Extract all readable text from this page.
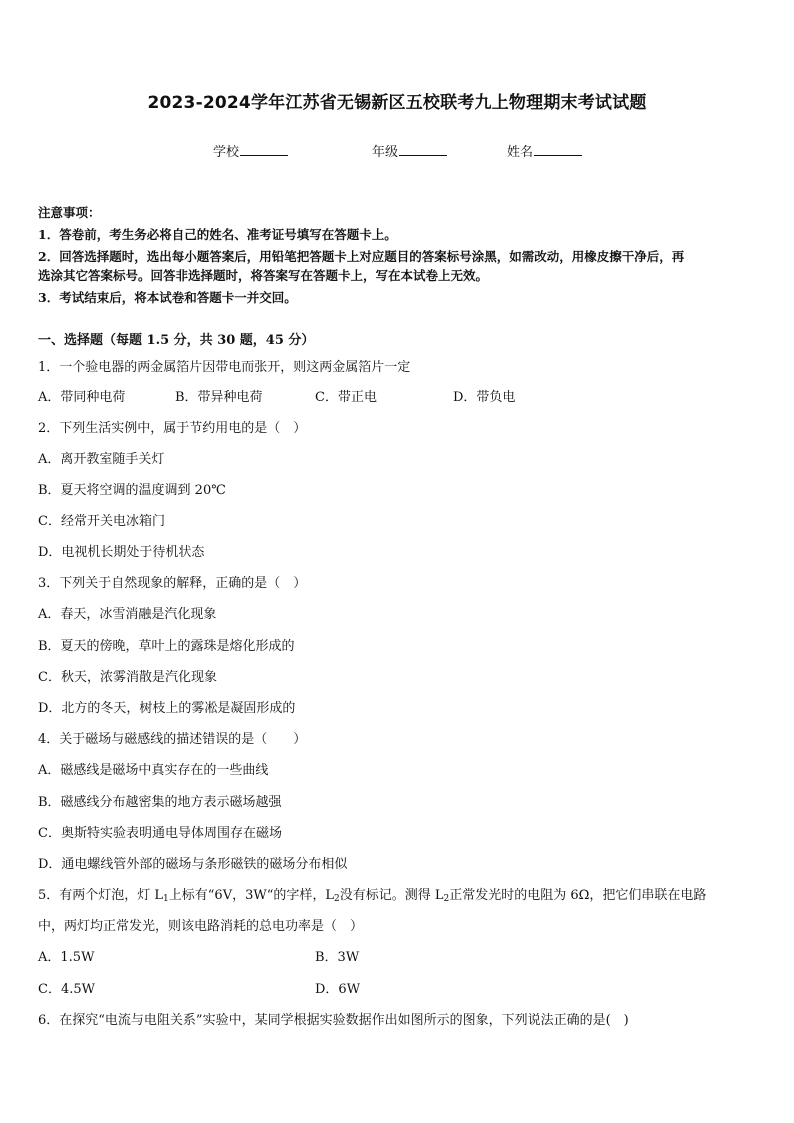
2023-2024学年江苏省无锡新区五校联考九上物理期末考试试题
学校	年级	姓名
注意事项：
1．答卷前，考生务必将自己的姓名、准考证号填写在答题卡上。
2．回答选择题时，选出每小题答案后，用铅笔把答题卡上对应题目的答案标号涂黑，如需改动，用橡皮擦干净后，再
选涂其它答案标号。回答非选择题时，将答案写在答题卡上，写在本试卷上无效。
3．考试结束后，将本试卷和答题卡一并交回。
一、选择题（每题 1.5 分，共 30 题，45 分）
1．一个验电器的两金属箔片因带电而张开，则这两金属箔片一定
A．带同种电荷	B．带异种电荷	C．带正电	D．带负电
2．下列生活实例中，属于节约用电的是（　）
A．离开教室随手关灯
B．夏天将空调的温度调到 20℃
C．经常开关电冰箱门
D．电视机长期处于待机状态
3．下列关于自然现象的解释，正确的是（　）
A．春天，冰雪消融是汽化现象
B．夏天的傍晚，草叶上的露珠是熔化形成的
C．秋天，浓雾消散是汽化现象
D．北方的冬天，树枝上的雾凇是凝固形成的
4．关于磁场与磁感线的描述错误的是（　　）
A．磁感线是磁场中真实存在的一些曲线
B．磁感线分布越密集的地方表示磁场越强
C．奥斯特实验表明通电导体周围存在磁场
D．通电螺线管外部的磁场与条形磁铁的磁场分布相似
5．有两个灯泡，灯 $L_1$上标有“6V，3W“的字样，$L_2$没有标记。测得 $L_2$正常发光时的电阻为 6Ω，把它们串联在电路
中，两灯均正常发光，则该电路消耗的总电功率是（　）
A．1.5W	B．3W
C．4.5W	D．6W
6．在探究“电流与电阻关系”实验中，某同学根据实验数据作出如图所示的图象，下列说法正确的是(　)
